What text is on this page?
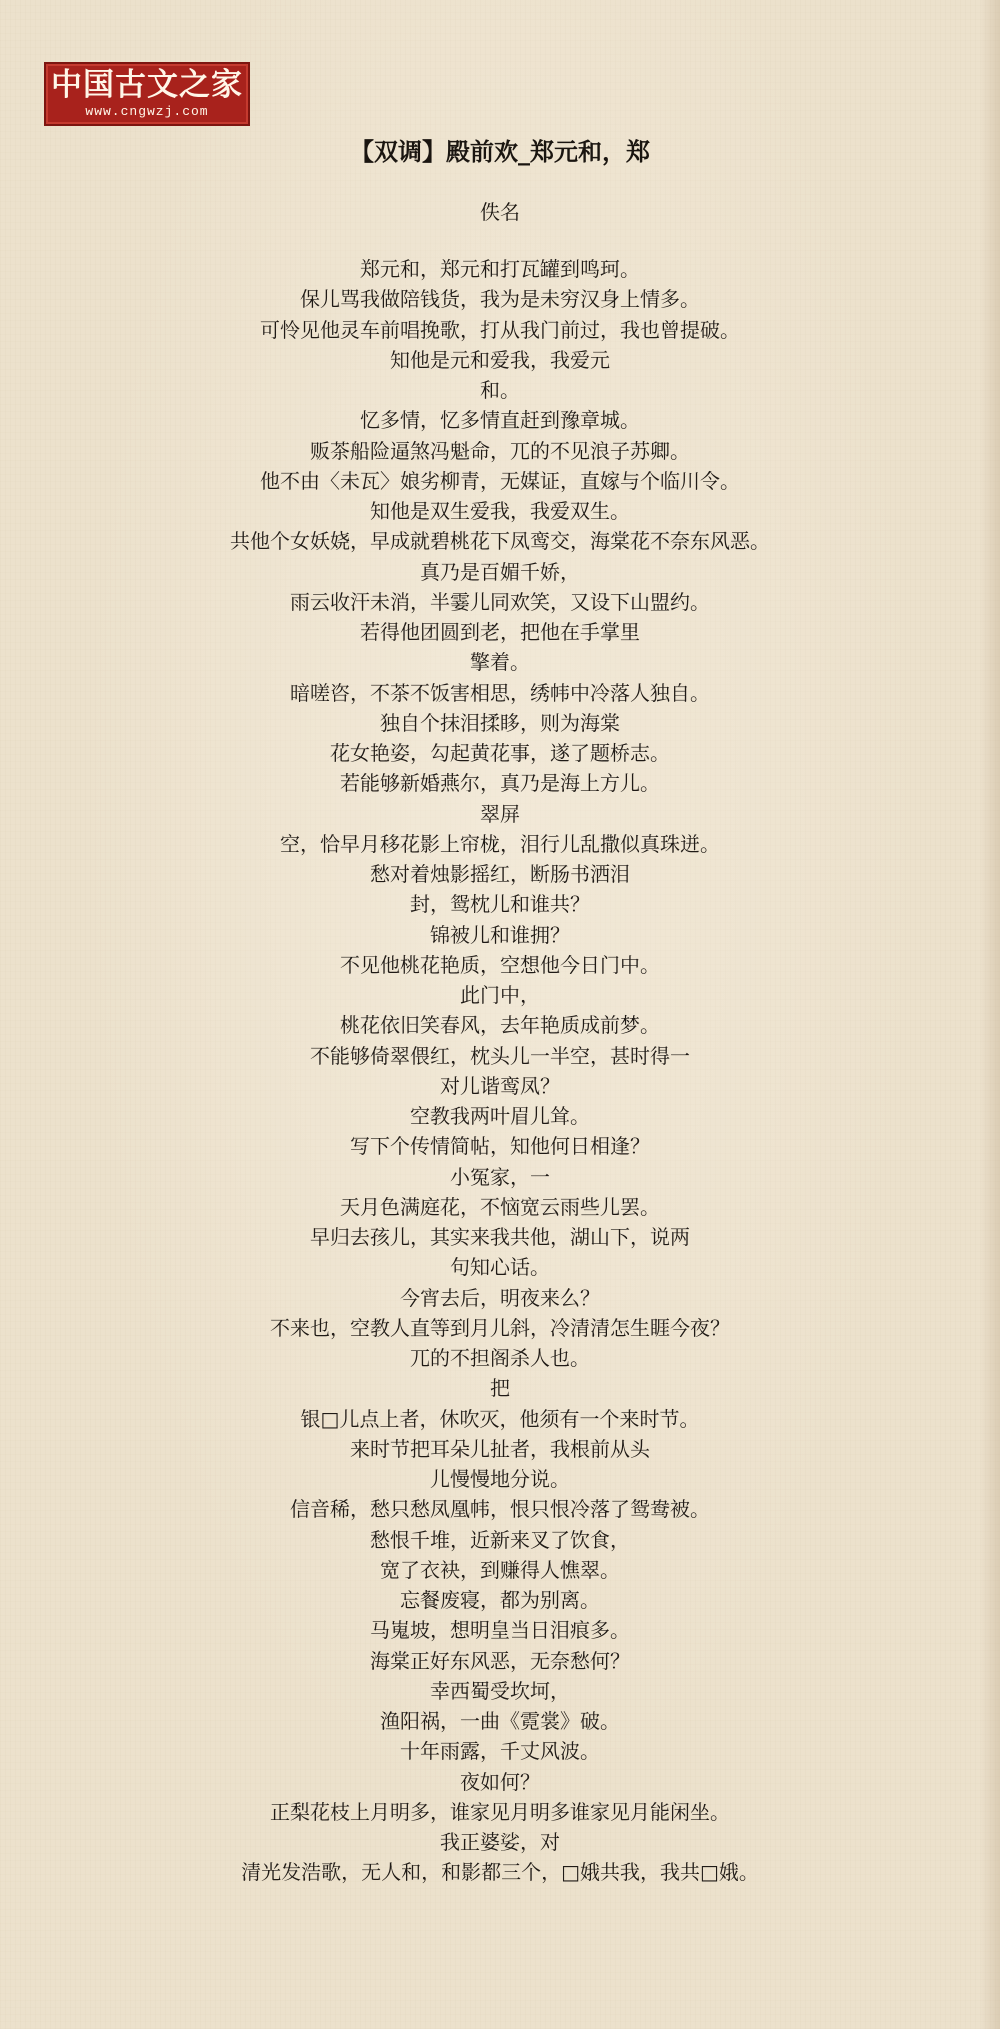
中国古文之家
www.cngwzj.com
【双调】殿前欢_郑元和，郑
佚名
郑元和，郑元和打瓦罐到鸣珂。
保儿骂我做陪钱货，我为是未穷汉身上情多。
可怜见他灵车前唱挽歌，打从我门前过，我也曾提破。
知他是元和爱我，我爱元
和。
忆多情，忆多情直赶到豫章城。
贩茶船险逼煞冯魁命，兀的不见浪子苏卿。
他不由〈未瓦〉娘劣柳青，无媒证，直嫁与个临川令。
知他是双生爱我，我爱双生。
共他个女妖娆，早成就碧桃花下凤鸾交，海棠花不奈东风恶。
真乃是百媚千娇，
雨云收汗未消，半霎儿同欢笑，又设下山盟约。
若得他团圆到老，把他在手掌里
擎着。
暗嗟咨，不茶不饭害相思，绣帏中冷落人独自。
独自个抹泪揉眵，则为海棠
花女艳姿，勾起黄花事，遂了题桥志。
若能够新婚燕尔，真乃是海上方儿。
翠屏
空，恰早月移花影上帘栊，泪行儿乱撒似真珠迸。
愁对着烛影摇红，断肠书洒泪
封，鸳枕儿和谁共？
锦被儿和谁拥？
不见他桃花艳质，空想他今日门中。
此门中，
桃花依旧笑春风，去年艳质成前梦。
不能够倚翠偎红，枕头儿一半空，甚时得一
对儿谐鸾凤？
空教我两叶眉儿耸。
写下个传情简帖，知他何日相逢？
小冤家，一
天月色满庭花，不恼宽云雨些儿罢。
早归去孩儿，其实来我共他，湖山下，说两
句知心话。
今宵去后，明夜来么？
不来也，空教人直等到月儿斜，冷清清怎生睚今夜？
兀的不担阁杀人也。
把
银□儿点上者，休吹灭，他须有一个来时节。
来时节把耳朵儿扯者，我根前从头
儿慢慢地分说。
信音稀，愁只愁凤凰帏，恨只恨冷落了鸳鸯被。
愁恨千堆，近新来叉了饮食，
宽了衣袂，到赚得人憔翠。
忘餐废寝，都为别离。
马嵬坡，想明皇当日泪痕多。
海棠正好东风恶，无奈愁何？
幸西蜀受坎坷，
渔阳祸，一曲《霓裳》破。
十年雨露，千丈风波。
夜如何？
正梨花枝上月明多，谁家见月明多谁家见月能闲坐。
我正婆娑，对
清光发浩歌，无人和，和影都三个，□娥共我，我共□娥。
